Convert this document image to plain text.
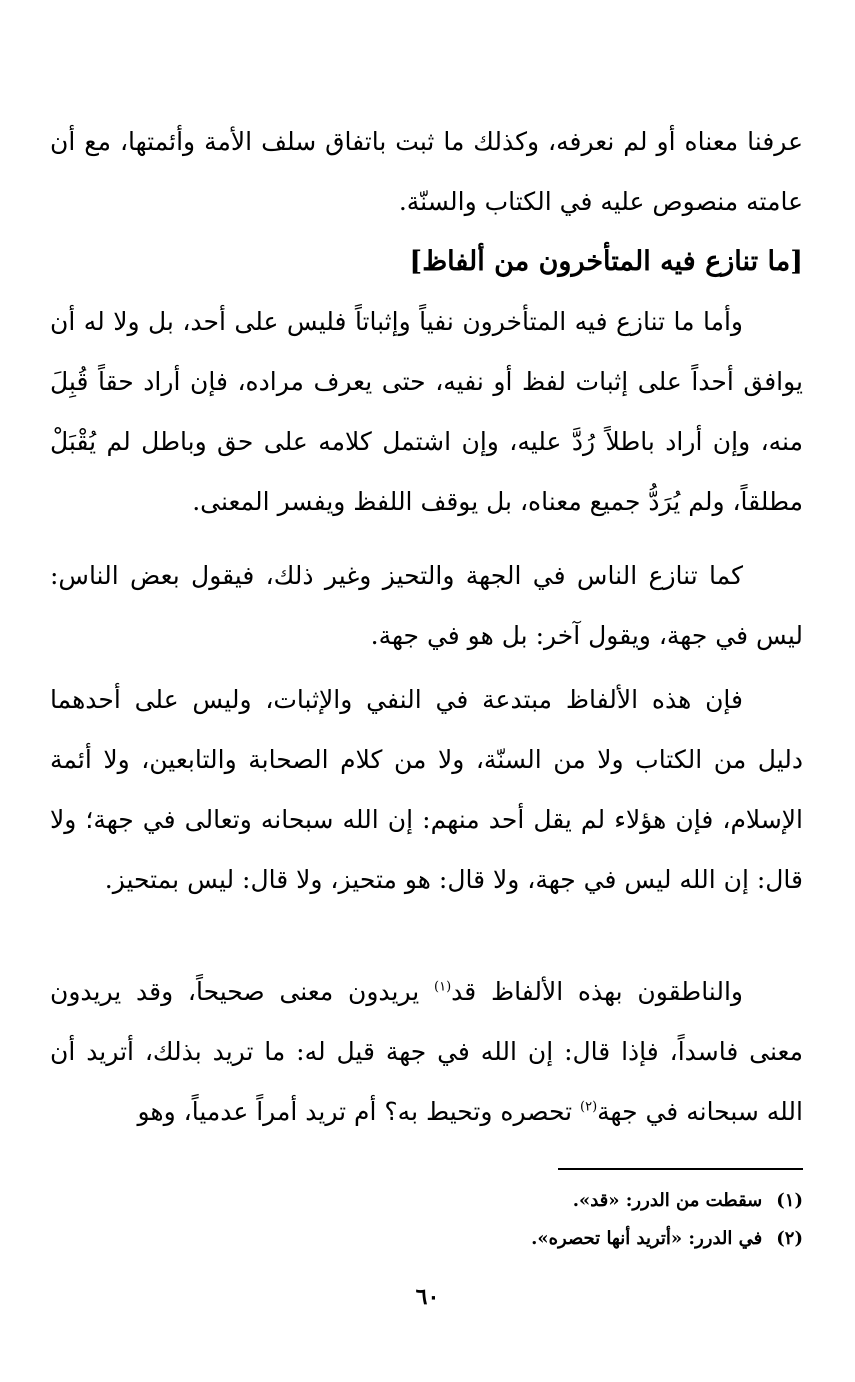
عرفنا معناه أو لم نعرفه، وكذلك ما ثبت باتفاق سلف الأمة وأئمتها، مع أن عامته منصوص عليه في الكتاب والسنّة.

[ما تنازع فيه المتأخرون من ألفاظ]

وأما ما تنازع فيه المتأخرون نفياً وإثباتاً فليس على أحد، بل ولا له أن يوافق أحداً على إثبات لفظ أو نفيه، حتى يعرف مراده، فإن أراد حقاً قُبِلَ منه، وإن أراد باطلاً رُدَّ عليه، وإن اشتمل كلامه على حق وباطل لم يُقْبَلْ مطلقاً، ولم يُرَدُّ جميع معناه، بل يوقف اللفظ ويفسر المعنى.

كما تنازع الناس في الجهة والتحيز وغير ذلك، فيقول بعض الناس: ليس في جهة، ويقول آخر: بل هو في جهة.

فإن هذه الألفاظ مبتدعة في النفي والإثبات، وليس على أحدهما دليل من الكتاب ولا من السنّة، ولا من كلام الصحابة والتابعين، ولا أئمة الإسلام، فإن هؤلاء لم يقل أحد منهم: إن الله سبحانه وتعالى في جهة؛ ولا قال: إن الله ليس في جهة، ولا قال: هو متحيز، ولا قال: ليس بمتحيز.

والناطقون بهذه الألفاظ قد$^{(١)}$ يريدون معنى صحيحاً، وقد يريدون معنى فاسداً، فإذا قال: إن الله في جهة قيل له: ما تريد بذلك، أتريد أن الله سبحانه في جهة$^{(٢)}$ تحصره وتحيط به؟ أم تريد أمراً عدمياً، وهو

(١)سقطت من الدرر: «قد».

(٢)في الدرر: «أتريد أنها تحصره».

٦٠
